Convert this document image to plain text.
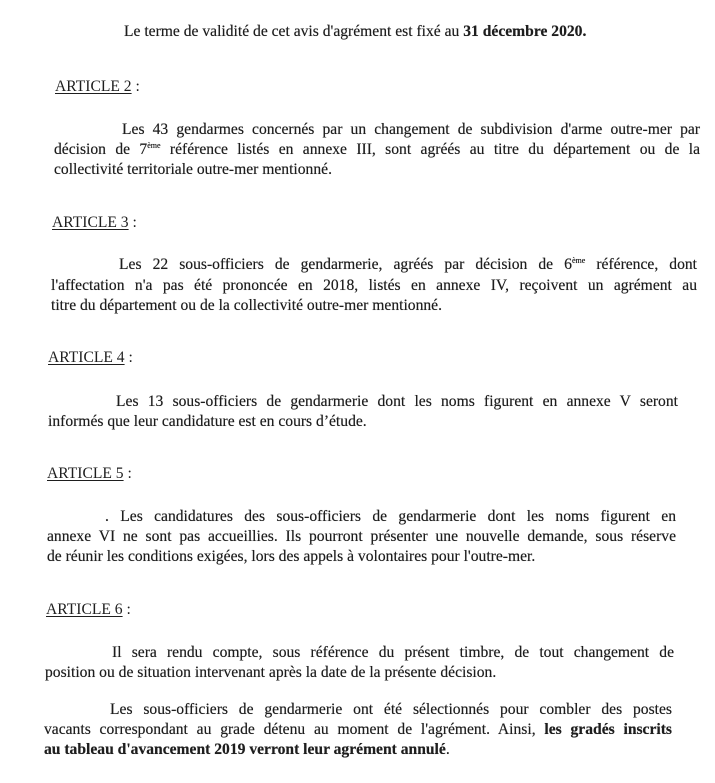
Le terme de validité de cet avis d'agrément est fixé au 31 décembre 2020.
ARTICLE 2 :
Les 43 gendarmes concernés par un changement de subdivision d'arme outre-mer par
décision de 7ème référence listés en annexe III, sont agréés au titre du département ou de la
collectivité territoriale outre-mer mentionné.
ARTICLE 3 :
Les 22 sous-officiers de gendarmerie, agréés par décision de 6ème référence, dont
l'affectation n'a pas été prononcée en 2018, listés en annexe IV, reçoivent un agrément au
titre du département ou de la collectivité outre-mer mentionné.
ARTICLE 4 :
Les 13 sous-officiers de gendarmerie dont les noms figurent en annexe V seront
informés que leur candidature est en cours d’étude.
ARTICLE 5 :
. Les candidatures des sous-officiers de gendarmerie dont les noms figurent en
annexe VI ne sont pas accueillies. Ils pourront présenter une nouvelle demande, sous réserve
de réunir les conditions exigées, lors des appels à volontaires pour l'outre-mer.
ARTICLE 6 :
Il sera rendu compte, sous référence du présent timbre, de tout changement de
position ou de situation intervenant après la date de la présente décision.
Les sous-officiers de gendarmerie ont été sélectionnés pour combler des postes
vacants correspondant au grade détenu au moment de l'agrément. Ainsi, les gradés inscrits
au tableau d'avancement 2019 verront leur agrément annulé.
